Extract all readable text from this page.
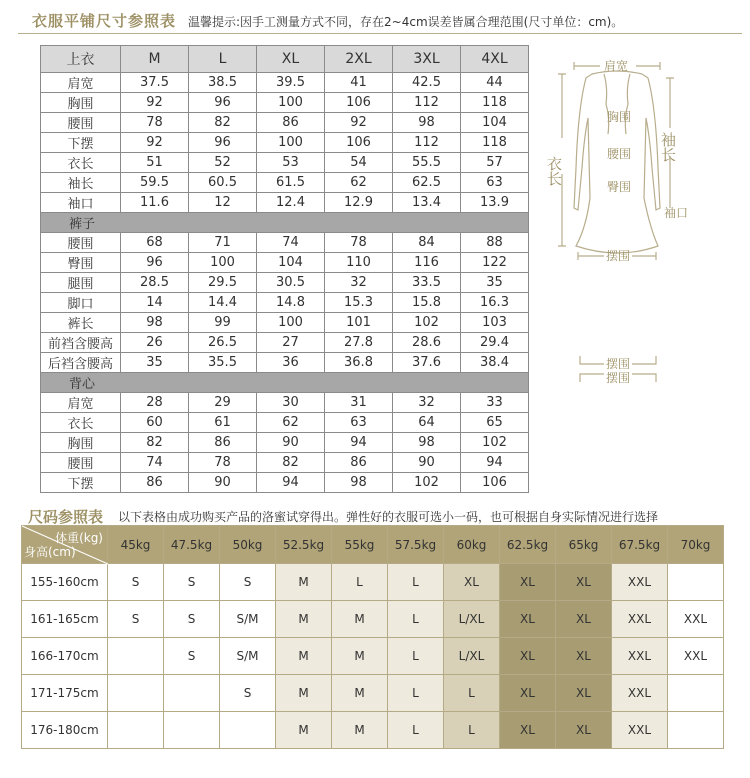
衣服平铺尺寸参照表 温馨提示:因手工测量方式不同，存在2~4cm误差皆属合理范围(尺寸单位：cm)。
上衣	M	L	XL	2XL	3XL	4XL
肩宽	37.5	38.5	39.5	41	42.5	44
胸围	92	96	100	106	112	118
腰围	78	82	86	92	98	104
下摆	92	96	100	106	112	118
衣长	51	52	53	54	55.5	57
袖长	59.5	60.5	61.5	62	62.5	63
袖口	11.6	12	12.4	12.9	13.4	13.9
裤子						
腰围	68	71	74	78	84	88
臀围	96	100	104	110	116	122
腿围	28.5	29.5	30.5	32	33.5	35
脚口	14	14.4	14.8	15.3	15.8	16.3
裤长	98	99	100	101	102	103
前裆含腰高	26	26.5	27	27.8	28.6	29.4
后裆含腰高	35	35.5	36	36.8	37.6	38.4
背心						
肩宽	28	29	30	31	32	33
衣长	60	61	62	63	64	65
胸围	82	86	90	94	98	102
腰围	74	78	82	86	90	94
下摆	86	90	94	98	102	106
肩宽
胸围
腰围
臀围
袖口
摆围
摆围
摆围
衣长
袖长
尺码参照表 以下表格由成功购买产品的洛蜜试穿得出。弹性好的衣服可选小一码，也可根据自身实际情况进行选择
体重(kg)
身高(cm)	45kg	47.5kg	50kg	52.5kg	55kg	57.5kg	60kg	62.5kg	65kg	67.5kg	70kg
155-160cm	S	S	S	M	L	L	XL	XL	XL	XXL	
161-165cm	S	S	S/M	M	M	L	L/XL	XL	XL	XXL	XXL
166-170cm		S	S/M	M	M	L	L/XL	XL	XL	XXL	XXL
171-175cm			S	M	M	L	L	XL	XL	XXL	
176-180cm				M	M	L	L	XL	XL	XXL	
